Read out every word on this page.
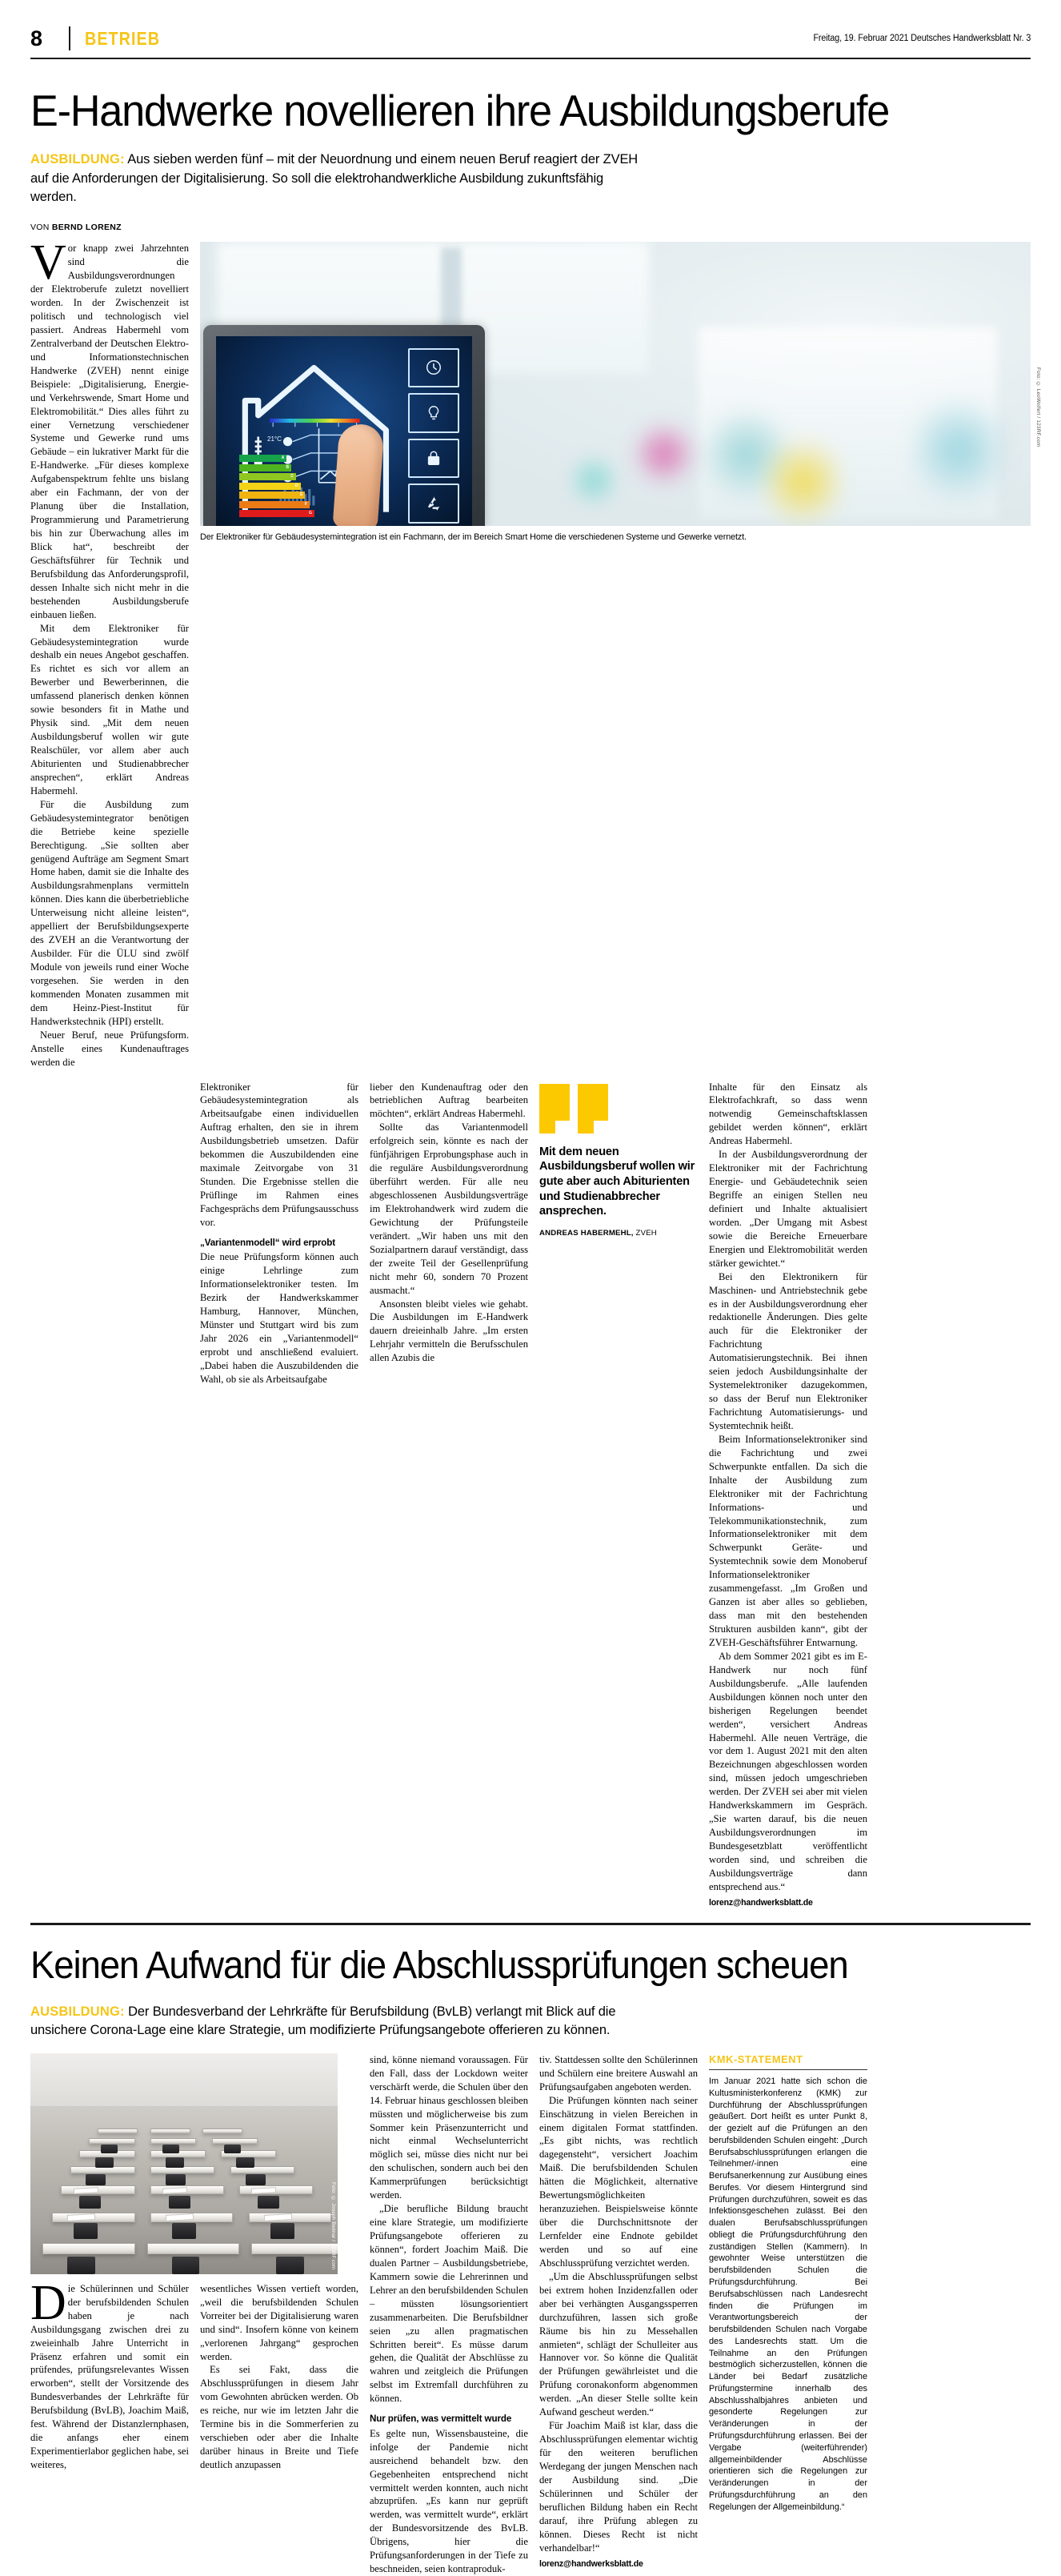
8	BETRIEB	Freitag, 19. Februar 2021 Deutsches Handwerksblatt Nr. 3
E-Handwerke novellieren ihre Ausbildungsberufe
AUSBILDUNG: Aus sieben werden fünf – mit der Neuordnung und einem neuen Beruf reagiert der ZVEH auf die Anforderungen der Digitalisierung. So soll die elektrohandwerkliche Ausbildung zukunftsfähig werden.
VON BERND LORENZ

Vor knapp zwei Jahrzehnten sind die Ausbildungsverordnungen der Elektroberufe zuletzt novelliert worden. In der Zwischenzeit ist politisch und technologisch viel passiert. Andreas Habermehl vom Zentralverband der Deutschen Elektro- und Informationstechnischen Handwerke (ZVEH) nennt einige Beispiele: „Digitalisierung, Energie- und Verkehrswende, Smart Home und Elektromobilität.“ Dies alles führt zu einer Vernetzung verschiedener Systeme und Gewerke rund ums Gebäude – ein lukrativer Markt für die E-Handwerke. „Für dieses komplexe Aufgabenspektrum fehlte uns bislang aber ein Fachmann, der von der Planung über die Installation, Programmierung und Parametrierung bis hin zur Überwachung alles im Blick hat“, beschreibt der Geschäftsführer für Technik und Berufsbildung das Anforderungsprofil, dessen Inhalte sich nicht mehr in die bestehenden Ausbildungsberufe einbauen ließen.

Mit dem Elektroniker für Gebäudesystemintegration wurde deshalb ein neues Angebot geschaffen. Es richtet es sich vor allem an Bewerber und Bewerberinnen, die umfassend planerisch denken können sowie besonders fit in Mathe und Physik sind. „Mit dem neuen Ausbildungsberuf wollen wir gute Realschüler, vor allem aber auch Abiturienten und Studienabbrecher ansprechen“, erklärt Andreas Habermehl.

Für die Ausbildung zum Gebäudesystemintegrator benötigen die Betriebe keine spezielle Berechtigung. „Sie sollten aber genügend Aufträge am Segment Smart Home haben, damit sie die Inhalte des Ausbildungsrahmenplans vermitteln können. Dies kann die überbetriebliche Unterweisung nicht alleine leisten“, appelliert der Berufsbildungsexperte des ZVEH an die Verantwortung der Ausbilder. Für die ÜLU sind zwölf Module von jeweils rund einer Woche vorgesehen. Sie werden in den kommenden Monaten zusammen mit dem Heinz-Piest-Institut für Handwerkstechnik (HPI) erstellt.

Neuer Beruf, neue Prüfungsform. Anstelle eines Kundenauftrages werden die

21°C
A
B
C
D
E
F
G
Der Elektroniker für Gebäudesystemintegration ist ein Fachmann, der im Bereich Smart Home die verschiedenen Systeme und Gewerke vernetzt.
Foto: © LeoWolfert / 123RF.com

Elektroniker für Gebäudesystemintegration als Arbeitsaufgabe einen individuellen Auftrag erhalten, den sie in ihrem Ausbildungsbetrieb umsetzen. Dafür bekommen die Auszubildenden eine maximale Zeitvorgabe von 31 Stunden. Die Ergebnisse stellen die Prüflinge im Rahmen eines Fachgesprächs dem Prüfungsausschuss vor.

„Variantenmodell“ wird erprobt

Die neue Prüfungsform können auch einige Lehrlinge zum Informationselektroniker testen. Im Bezirk der Handwerkskammer Hamburg, Hannover, München, Münster und Stuttgart wird bis zum Jahr 2026 ein „Variantenmodell“ erprobt und anschließend evaluiert. „Dabei haben die Auszubildenden die Wahl, ob sie als Arbeitsaufgabe

lieber den Kundenauftrag oder den betrieblichen Auftrag bearbeiten möchten“, erklärt Andreas Habermehl.

Sollte das Variantenmodell erfolgreich sein, könnte es nach der fünfjährigen Erprobungsphase auch in die reguläre Ausbildungsverordnung überführt werden. Für alle neu abgeschlossenen Ausbildungsverträge im Elektrohandwerk wird zudem die Gewichtung der Prüfungsteile verändert. „Wir haben uns mit den Sozialpartnern darauf verständigt, dass der zweite Teil der Gesellenprüfung nicht mehr 60, sondern 70 Prozent ausmacht.“

Ansonsten bleibt vieles wie gehabt. Die Ausbildungen im E-Handwerk dauern dreieinhalb Jahre. „Im ersten Lehrjahr vermitteln die Berufsschulen allen Azubis die

Mit dem neuen Ausbildungsberuf wollen wir gute aber auch Abiturienten und Studienabbrecher ansprechen.
ANDREAS HABERMEHL, ZVEH

Inhalte für den Einsatz als Elektrofachkraft, so dass wenn notwendig Gemeinschaftsklassen gebildet werden können“, erklärt Andreas Habermehl.

In der Ausbildungsverordnung der Elektroniker mit der Fachrichtung Energie- und Gebäudetechnik seien Begriffe an einigen Stellen neu definiert und Inhalte aktualisiert worden. „Der Umgang mit Asbest sowie die Bereiche Erneuerbare Energien und Elektromobilität werden stärker gewichtet.“

Bei den Elektronikern für Maschinen- und Antriebstechnik gebe es in der Ausbildungsverordnung eher redaktionelle Änderungen. Dies gelte auch für die Elektroniker der Fachrichtung Automatisierungstechnik. Bei ihnen seien jedoch Ausbildungsinhalte der Systemelektroniker dazugekommen, so dass der Beruf nun Elektroniker Fachrichtung Automatisierungs- und Systemtechnik heißt.

Beim Informationselektroniker sind die Fachrichtung und zwei Schwerpunkte entfallen. Da sich die Inhalte der Ausbildung zum Elektroniker mit der Fachrichtung Informations- und Telekommunikationstechnik, zum Informationselektroniker mit dem Schwerpunkt Geräte- und Systemtechnik sowie dem Monoberuf Informationselektroniker zusammengefasst. „Im Großen und Ganzen ist aber alles so geblieben, dass man mit den bestehenden Strukturen ausbilden kann“, gibt der ZVEH-Geschäftsführer Entwarnung.

Ab dem Sommer 2021 gibt es im E-Handwerk nur noch fünf Ausbildungsberufe. „Alle laufenden Ausbildungen können noch unter den bisherigen Regelungen beendet werden“, versichert Andreas Habermehl. Alle neuen Verträge, die vor dem 1. August 2021 mit den alten Bezeichnungen abgeschlossen worden sind, müssen jedoch umgeschrieben werden. Der ZVEH sei aber mit vielen Handwerkskammern im Gespräch. „Sie warten darauf, bis die neuen Ausbildungsverordnungen im Bundesgesetzblatt veröffentlicht worden sind, und schreiben die Ausbildungsverträge dann entsprechend aus.“

lorenz@handwerksblatt.de
Keinen Aufwand für die Abschlussprüfungen scheuen
AUSBILDUNG: Der Bundesverband der Lehrkräfte für Berufsbildung (BvLB) verlangt mit Blick auf die unsichere Corona-Lage eine klare Strategie, um modifizierte Prüfungsangebote offerieren zu können.
Foto: © Joseph Bednar / 123RF.com

Die Schülerinnen und Schüler der berufsbildenden Schulen haben je nach Ausbildungsgang zwischen drei zu zweieinhalb Jahre Unterricht in Präsenz erfahren und somit ein prüfendes, prüfungsrelevantes Wissen erworben“, stellt der Vorsitzende des Bundesverbandes der Lehrkräfte für Berufsbildung (BvLB), Joachim Maiß, fest. Während der Distanzlernphasen, die anfangs eher einem Experimentierlabor geglichen habe, sei weiteres,

wesentliches Wissen vertieft worden, „weil die berufsbildenden Schulen Vorreiter bei der Digitalisierung waren und sind“. Insofern könne von keinem „verlorenen Jahrgang“ gesprochen werden.

Es sei Fakt, dass die Abschlussprüfungen in diesem Jahr vom Gewohnten abrücken werden. Ob es reiche, nur wie im letzten Jahr die Termine bis in die Sommerferien zu verschieben oder aber die Inhalte darüber hinaus in Breite und Tiefe deutlich anzupassen

sind, könne niemand voraussagen. Für den Fall, dass der Lockdown weiter verschärft werde, die Schulen über den 14. Februar hinaus geschlossen bleiben müssten und möglicherweise bis zum Sommer kein Präsenzunterricht und nicht einmal Wechselunterricht möglich sei, müsse dies nicht nur bei den schulischen, sondern auch bei den Kammerprüfungen berücksichtigt werden.

„Die berufliche Bildung braucht eine klare Strategie, um modifizierte Prüfungsangebote offerieren zu können“, fordert Joachim Maiß. Die dualen Partner – Ausbildungsbetriebe, Kammern sowie die Lehrerinnen und Lehrer an den berufsbildenden Schulen – müssten lösungsorientiert zusammenarbeiten. Die Berufsbildner seien „zu allen pragmatischen Schritten bereit“. Es müsse darum gehen, die Qualität der Abschlüsse zu wahren und zeitgleich die Prüfungen selbst im Extremfall durchführen zu können.

Nur prüfen, was vermittelt wurde

Es gelte nun, Wissensbausteine, die infolge der Pandemie nicht ausreichend behandelt bzw. den Gegebenheiten entsprechend nicht vermittelt werden konnten, auch nicht abzuprüfen. „Es kann nur geprüft werden, was vermittelt wurde“, erklärt der Bundesvorsitzende des BvLB. Übrigens, hier die Prüfungsanforderungen in der Tiefe zu beschneiden, seien kontraproduk-

tiv. Stattdessen sollte den Schülerinnen und Schülern eine breitere Auswahl an Prüfungsaufgaben angeboten werden.

Die Prüfungen könnten nach seiner Einschätzung in vielen Bereichen in einem digitalen Format stattfinden. „Es gibt nichts, was rechtlich dagegensteht“, versichert Joachim Maiß. Die berufsbildenden Schulen hätten die Möglichkeit, alternative Bewertungsmöglichkeiten heranzuziehen. Beispielsweise könnte über die Durchschnittsnote der Lernfelder eine Endnote gebildet werden und so auf eine Abschlussprüfung verzichtet werden.

„Um die Abschlussprüfungen selbst bei extrem hohen Inzidenzfallen oder aber bei verhängten Ausgangssperren durchzuführen, lassen sich große Räume bis hin zu Messehallen anmieten“, schlägt der Schulleiter aus Hannover vor. So könne die Qualität der Prüfungen gewährleistet und die Prüfung coronakonform abgenommen werden. „An dieser Stelle sollte kein Aufwand gescheut werden.“

Für Joachim Maiß ist klar, dass die Abschlussprüfungen elementar wichtig für den weiteren beruflichen Werdegang der jungen Menschen nach der Ausbildung sind. „Die Schülerinnen und Schüler der beruflichen Bildung haben ein Recht darauf, ihre Prüfung ablegen zu können. Dieses Recht ist nicht verhandelbar!“

lorenz@handwerksblatt.de
KMK-STATEMENT

Im Januar 2021 hatte sich schon die Kultusministerkonferenz (KMK) zur Durchführung der Abschlussprüfungen geäußert. Dort heißt es unter Punkt 8, der gezielt auf die Prüfungen an den berufsbildenden Schulen eingeht: „Durch Berufsabschlussprüfungen erlangen die Teilnehmer/-innen eine Berufsanerkennung zur Ausübung eines Berufes. Vor diesem Hintergrund sind Prüfungen durchzuführen, soweit es das Infektionsgeschehen zulässt. Bei den dualen Berufsabschlussprüfungen obliegt die Prüfungsdurchführung den zuständigen Stellen (Kammern). In gewohnter Weise unterstützen die berufsbildenden Schulen die Prüfungsdurchführung. Bei Berufsabschlüssen nach Landesrecht finden die Prüfungen im Verantwortungsbereich der berufsbildenden Schulen nach Vorgabe des Landesrechts statt. Um die Teilnahme an den Prüfungen bestmöglich sicherzustellen, können die Länder bei Bedarf zusätzliche Prüfungstermine innerhalb des Abschlusshalbjahres anbieten und gesonderte Regelungen zur Veränderungen in der Prüfungsdurchführung erlassen. Bei der Vergabe (weiterführender) allgemeinbildender Abschlüsse orientieren sich die Regelungen zur Veränderungen in der Prüfungsdurchführung an den Regelungen der Allgemeinbildung.“
